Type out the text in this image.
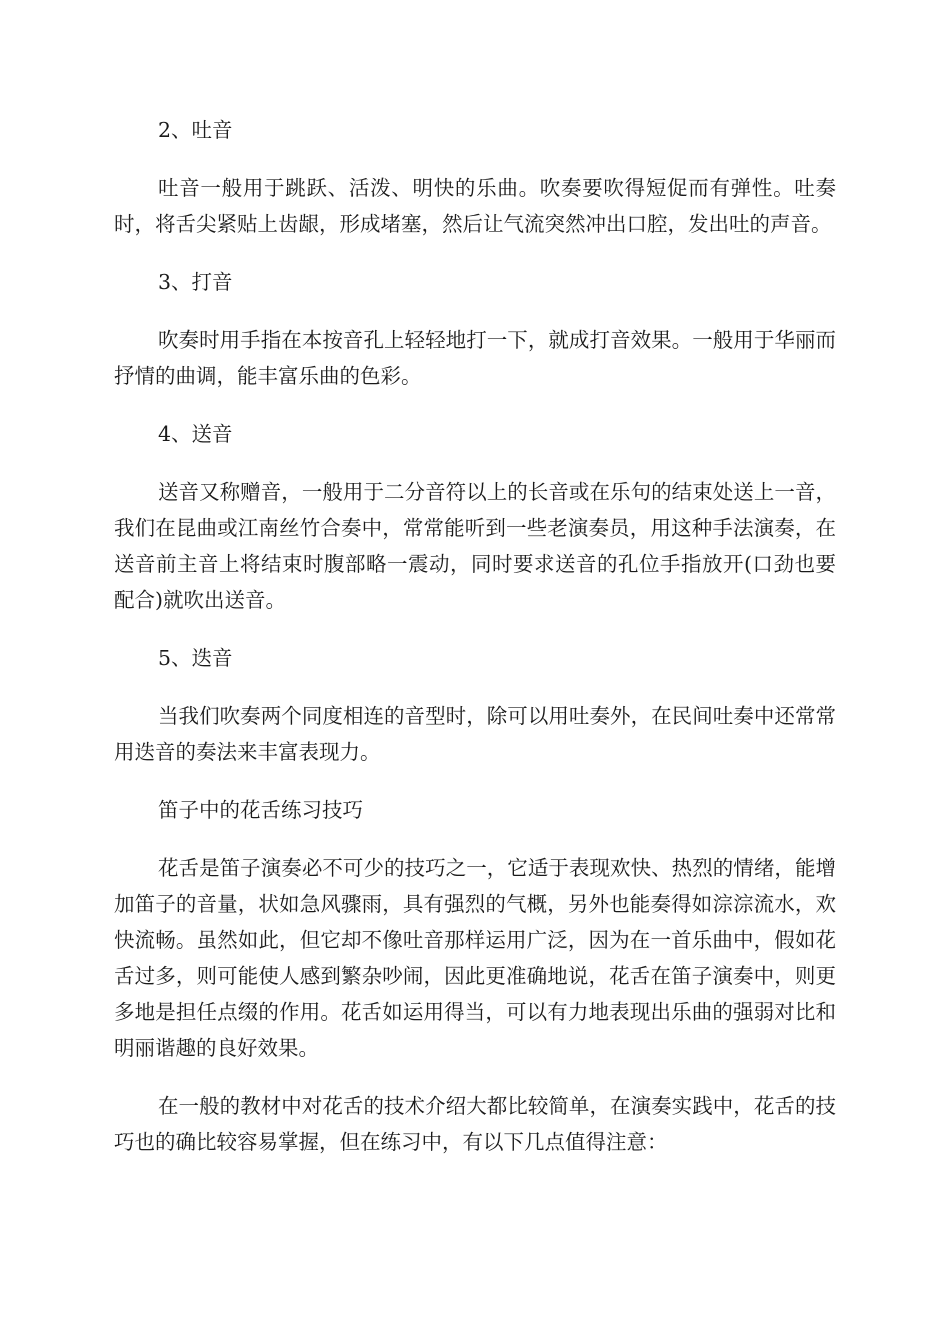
2、吐音

吐音一般用于跳跃、活泼、明快的乐曲。吹奏要吹得短促而有弹性。吐奏时，将舌尖紧贴上齿龈，形成堵塞，然后让气流突然冲出口腔，发出吐的声音。

3、打音

吹奏时用手指在本按音孔上轻轻地打一下，就成打音效果。一般用于华丽而抒情的曲调，能丰富乐曲的色彩。

4、送音

送音又称赠音，一般用于二分音符以上的长音或在乐句的结束处送上一音，我们在昆曲或江南丝竹合奏中，常常能听到一些老演奏员，用这种手法演奏，在送音前主音上将结束时腹部略一震动，同时要求送音的孔位手指放开(口劲也要配合)就吹出送音。

5、迭音

当我们吹奏两个同度相连的音型时，除可以用吐奏外，在民间吐奏中还常常用迭音的奏法来丰富表现力。

笛子中的花舌练习技巧

花舌是笛子演奏必不可少的技巧之一，它适于表现欢快、热烈的情绪，能增加笛子的音量，状如急风骤雨，具有强烈的气概，另外也能奏得如淙淙流水，欢快流畅。虽然如此，但它却不像吐音那样运用广泛，因为在一首乐曲中，假如花舌过多，则可能使人感到繁杂吵闹，因此更准确地说，花舌在笛子演奏中，则更多地是担任点缀的作用。花舌如运用得当，可以有力地表现出乐曲的强弱对比和明丽谐趣的良好效果。

在一般的教材中对花舌的技术介绍大都比较简单，在演奏实践中，花舌的技巧也的确比较容易掌握，但在练习中，有以下几点值得注意：
